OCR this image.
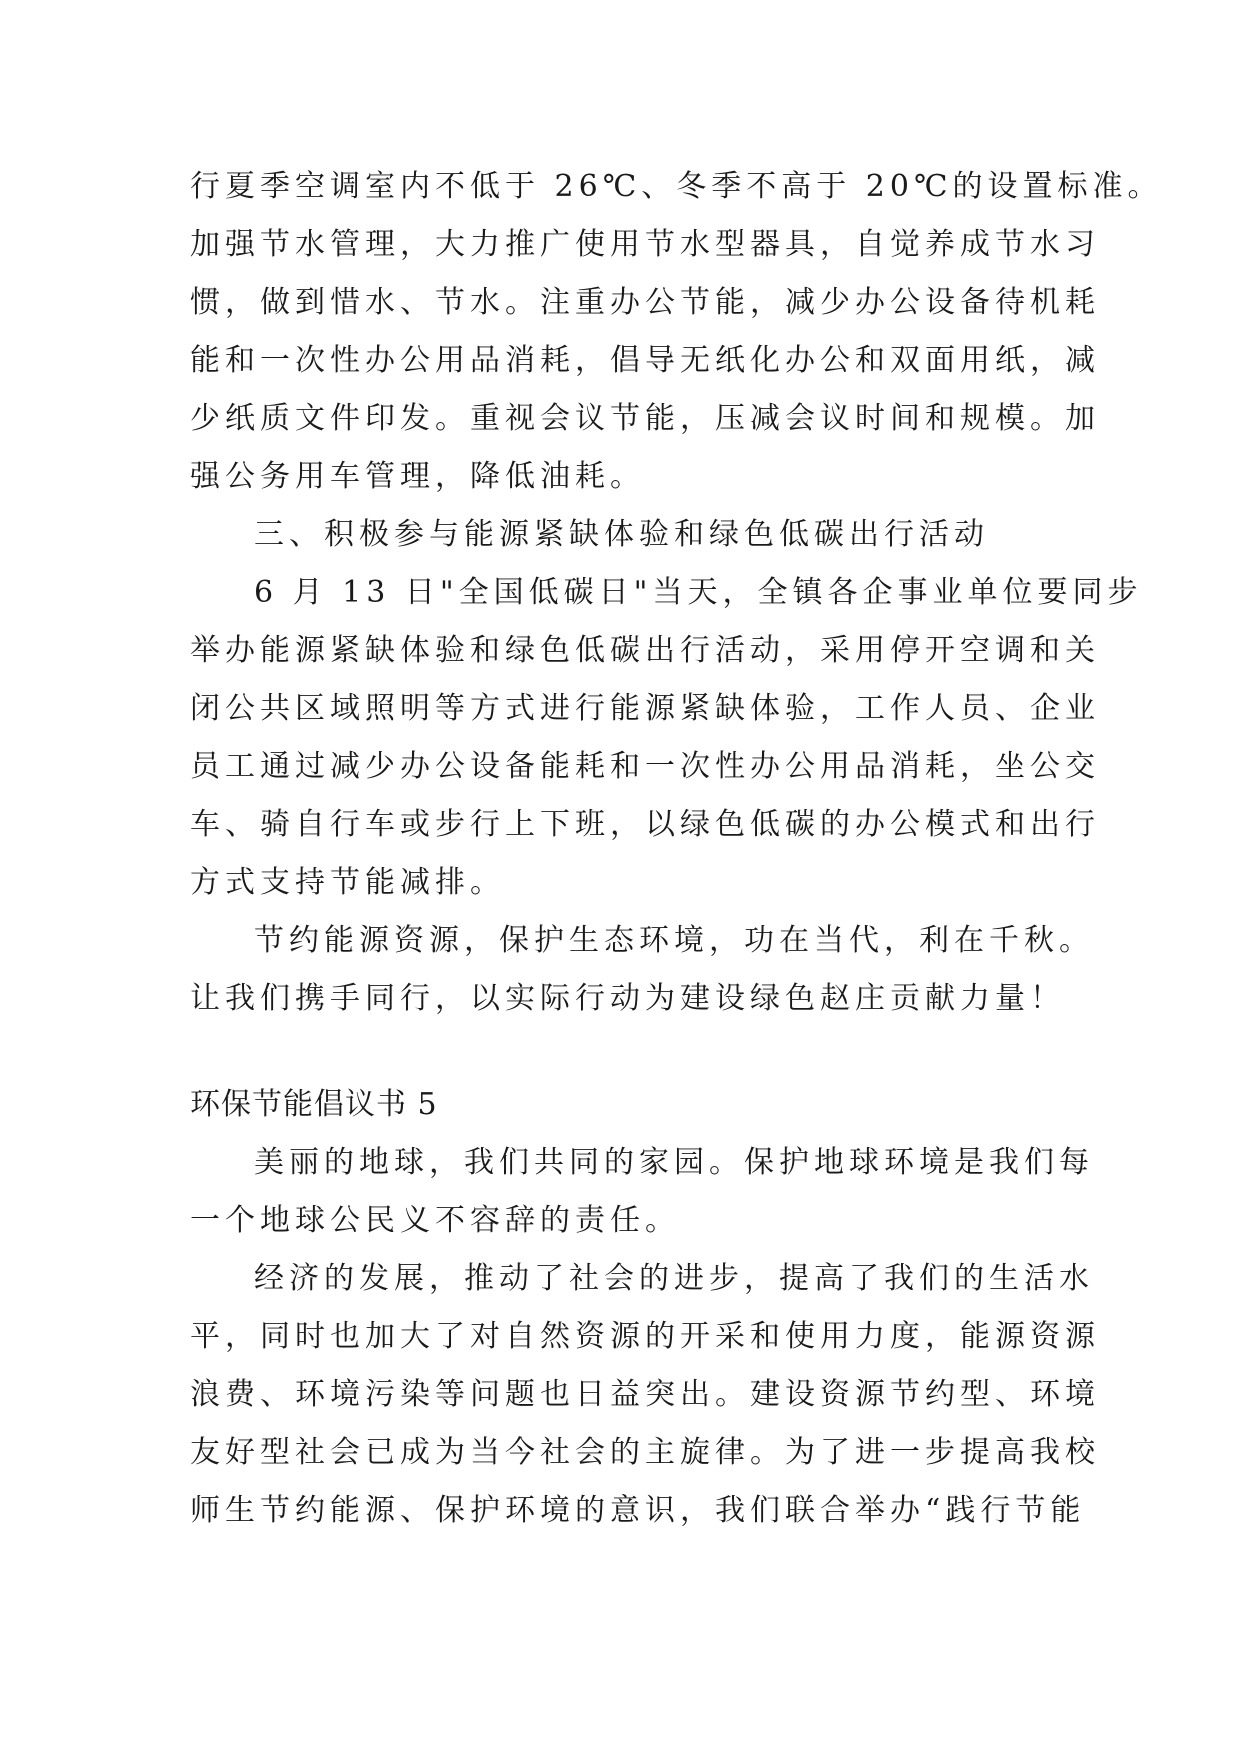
行夏季空调室内不低于 26℃、冬季不高于 20℃的设置标准。
加强节水管理，大力推广使用节水型器具，自觉养成节水习
惯，做到惜水、节水。注重办公节能，减少办公设备待机耗
能和一次性办公用品消耗，倡导无纸化办公和双面用纸，减
少纸质文件印发。重视会议节能，压减会议时间和规模。加
强公务用车管理，降低油耗。
三、积极参与能源紧缺体验和绿色低碳出行活动
6 月 13 日"全国低碳日"当天，全镇各企事业单位要同步
举办能源紧缺体验和绿色低碳出行活动，采用停开空调和关
闭公共区域照明等方式进行能源紧缺体验，工作人员、企业
员工通过减少办公设备能耗和一次性办公用品消耗，坐公交
车、骑自行车或步行上下班，以绿色低碳的办公模式和出行
方式支持节能减排。
节约能源资源，保护生态环境，功在当代，利在千秋。
让我们携手同行，以实际行动为建设绿色赵庄贡献力量！
环保节能倡议书 5
美丽的地球，我们共同的家园。保护地球环境是我们每
一个地球公民义不容辞的责任。
经济的发展，推动了社会的进步，提高了我们的生活水
平，同时也加大了对自然资源的开采和使用力度，能源资源
浪费、环境污染等问题也日益突出。建设资源节约型、环境
友好型社会已成为当今社会的主旋律。为了进一步提高我校
师生节约能源、保护环境的意识，我们联合举办“践行节能
